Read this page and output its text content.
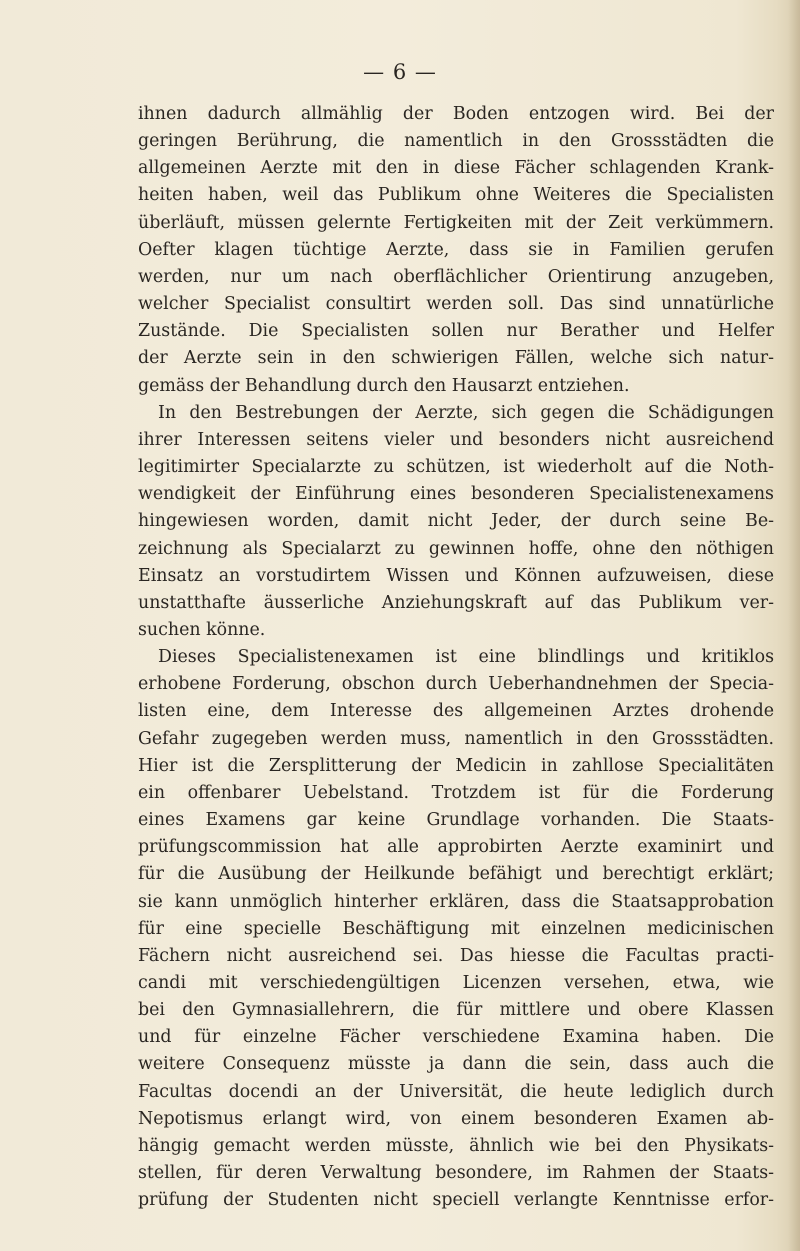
— 6 —
ihnen dadurch allmählig der Boden entzogen wird. Bei der
geringen Berührung, die namentlich in den Grossstädten die
allgemeinen Aerzte mit den in diese Fächer schlagenden Krank-
heiten haben, weil das Publikum ohne Weiteres die Specialisten
überläuft, müssen gelernte Fertigkeiten mit der Zeit verkümmern.
Oefter klagen tüchtige Aerzte, dass sie in Familien gerufen
werden, nur um nach oberflächlicher Orientirung anzugeben,
welcher Specialist consultirt werden soll. Das sind unnatürliche
Zustände. Die Specialisten sollen nur Berather und Helfer
der Aerzte sein in den schwierigen Fällen, welche sich natur-
gemäss der Behandlung durch den Hausarzt entziehen.
In den Bestrebungen der Aerzte, sich gegen die Schädigungen
ihrer Interessen seitens vieler und besonders nicht ausreichend
legitimirter Specialarzte zu schützen, ist wiederholt auf die Noth-
wendigkeit der Einführung eines besonderen Specialistenexamens
hingewiesen worden, damit nicht Jeder, der durch seine Be-
zeichnung als Specialarzt zu gewinnen hoffe, ohne den nöthigen
Einsatz an vorstudirtem Wissen und Können aufzuweisen, diese
unstatthafte äusserliche Anziehungskraft auf das Publikum ver-
suchen könne.
Dieses Specialistenexamen ist eine blindlings und kritiklos
erhobene Forderung, obschon durch Ueberhandnehmen der Specia-
listen eine, dem Interesse des allgemeinen Arztes drohende
Gefahr zugegeben werden muss, namentlich in den Grossstädten.
Hier ist die Zersplitterung der Medicin in zahllose Specialitäten
ein offenbarer Uebelstand. Trotzdem ist für die Forderung
eines Examens gar keine Grundlage vorhanden. Die Staats-
prüfungscommission hat alle approbirten Aerzte examinirt und
für die Ausübung der Heilkunde befähigt und berechtigt erklärt;
sie kann unmöglich hinterher erklären, dass die Staatsapprobation
für eine specielle Beschäftigung mit einzelnen medicinischen
Fächern nicht ausreichend sei. Das hiesse die Facultas practi-
candi mit verschiedengültigen Licenzen versehen, etwa, wie
bei den Gymnasiallehrern, die für mittlere und obere Klassen
und für einzelne Fächer verschiedene Examina haben. Die
weitere Consequenz müsste ja dann die sein, dass auch die
Facultas docendi an der Universität, die heute lediglich durch
Nepotismus erlangt wird, von einem besonderen Examen ab-
hängig gemacht werden müsste, ähnlich wie bei den Physikats-
stellen, für deren Verwaltung besondere, im Rahmen der Staats-
prüfung der Studenten nicht speciell verlangte Kenntnisse erfor-
